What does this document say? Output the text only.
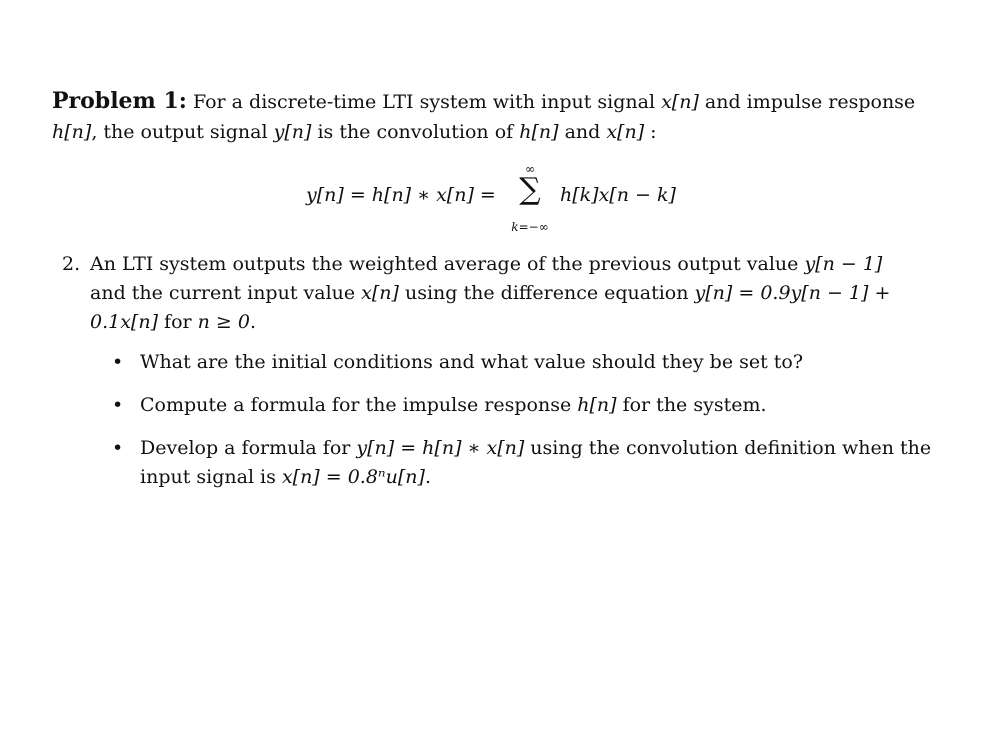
Problem 1: For a discrete-time LTI system with input signal x[n] and impulse response h[n], the output signal y[n] is the convolution of h[n] and x[n] :
y[n] = h[n] ∗ x[n] =
∞
∑
k=−∞
h[k]x[n − k]
2. An LTI system outputs the weighted average of the previous output value y[n − 1] and the current input value x[n] using the difference equation y[n] = 0.9y[n − 1] + 0.1x[n] for n ≥ 0.
• What are the initial conditions and what value should they be set to?
• Compute a formula for the impulse response h[n] for the system.
• Develop a formula for y[n] = h[n] ∗ x[n] using the convolution definition when the input signal is x[n] = 0.8ⁿu[n].
